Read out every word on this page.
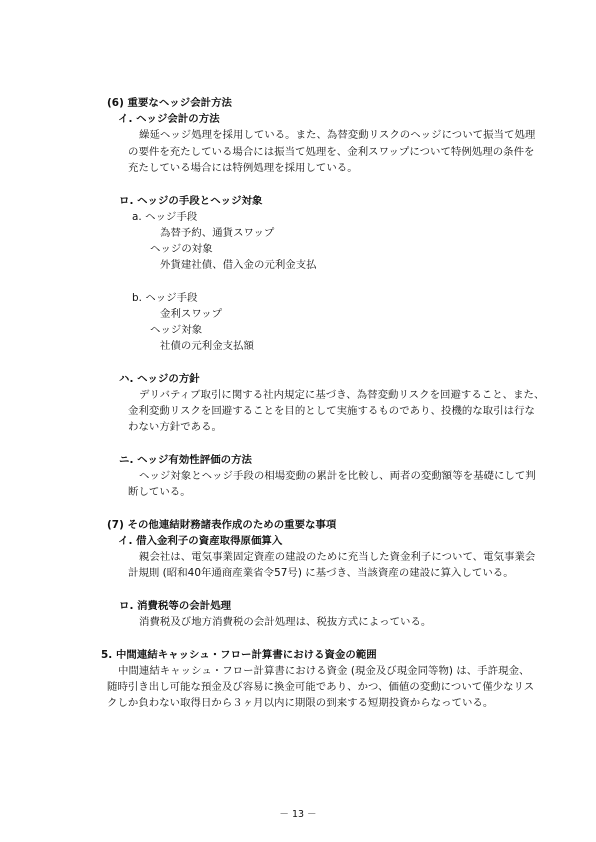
(6) 重要なヘッジ会計方法
イ. ヘッジ会計の方法
繰延ヘッジ処理を採用している。また、為替変動リスクのヘッジについて振当て処理
の要件を充たしている場合には振当て処理を、金利スワップについて特例処理の条件を
充たしている場合には特例処理を採用している。
ロ. ヘッジの手段とヘッジ対象
a. ヘッジ手段
為替予約、通貨スワップ
ヘッジの対象
外貨建社債、借入金の元利金支払
b. ヘッジ手段
金利スワップ
ヘッジ対象
社債の元利金支払額
ハ. ヘッジの方針
デリバティブ取引に関する社内規定に基づき、為替変動リスクを回避すること、また、
金利変動リスクを回避することを目的として実施するものであり、投機的な取引は行な
わない方針である。
ニ. ヘッジ有効性評価の方法
ヘッジ対象とヘッジ手段の相場変動の累計を比較し、両者の変動額等を基礎にして判
断している。
(7) その他連結財務諸表作成のための重要な事項
イ. 借入金利子の資産取得原価算入
親会社は、電気事業固定資産の建設のために充当した資金利子について、電気事業会
計規則 (昭和40年通商産業省令57号) に基づき、当該資産の建設に算入している。
ロ. 消費税等の会計処理
消費税及び地方消費税の会計処理は、税抜方式によっている。
5. 中間連結キャッシュ・フロー計算書における資金の範囲
中間連結キャッシュ・フロー計算書における資金 (現金及び現金同等物) は、手許現金、
随時引き出し可能な預金及び容易に換金可能であり、かつ、価値の変動について僅少なリス
クしか負わない取得日から３ヶ月以内に期限の到来する短期投資からなっている。
－ 13 －
